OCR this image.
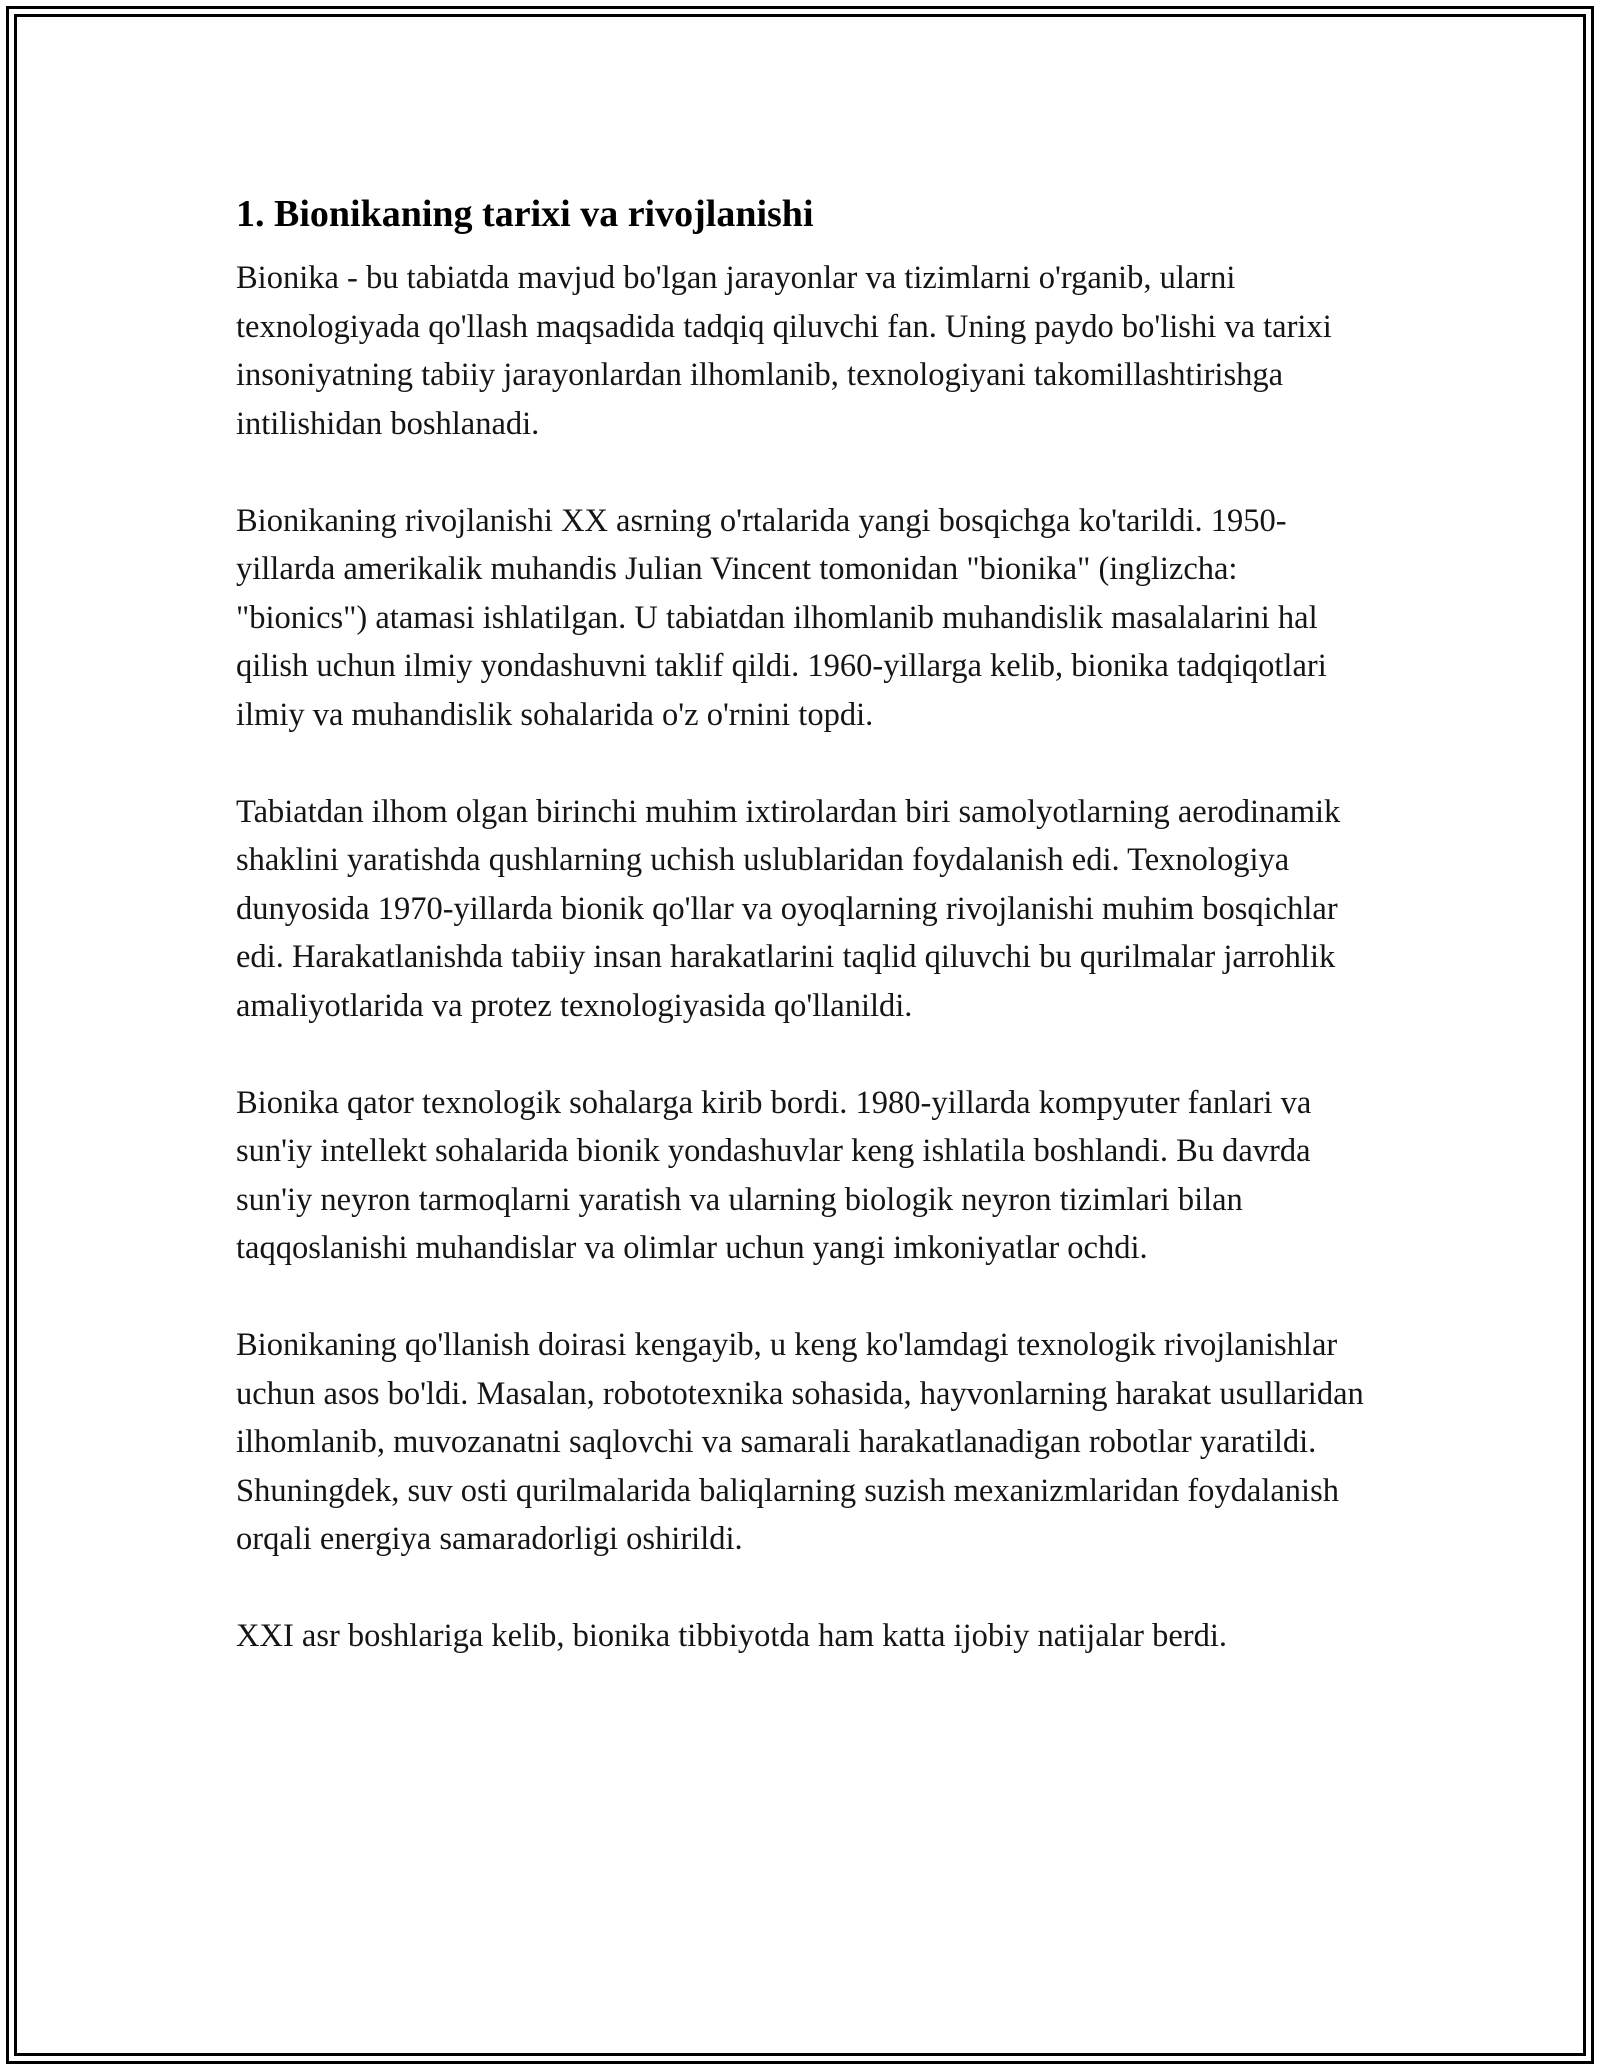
1. Bionikaning tarixi va rivojlanishi

Bionika - bu tabiatda mavjud bo'lgan jarayonlar va tizimlarni o'rganib, ularni texnologiyada qo'llash maqsadida tadqiq qiluvchi fan. Uning paydo bo'lishi va tarixi insoniyatning tabiiy jarayonlardan ilhomlanib, texnologiyani takomillashtirishga intilishidan boshlanadi.

Bionikaning rivojlanishi XX asrning o'rtalarida yangi bosqichga ko'tarildi. 1950-yillarda amerikalik muhandis Julian Vincent tomonidan "bionika" (inglizcha: "bionics") atamasi ishlatilgan. U tabiatdan ilhomlanib muhandislik masalalarini hal qilish uchun ilmiy yondashuvni taklif qildi. 1960-yillarga kelib, bionika tadqiqotlari ilmiy va muhandislik sohalarida o'z o'rnini topdi.

Tabiatdan ilhom olgan birinchi muhim ixtirolardan biri samolyotlarning aerodinamik shaklini yaratishda qushlarning uchish uslublaridan foydalanish edi. Texnologiya dunyosida 1970-yillarda bionik qo'llar va oyoqlarning rivojlanishi muhim bosqichlar edi. Harakatlanishda tabiiy insan harakatlarini taqlid qiluvchi bu qurilmalar jarrohlik amaliyotlarida va protez texnologiyasida qo'llanildi.

Bionika qator texnologik sohalarga kirib bordi. 1980-yillarda kompyuter fanlari va sun'iy intellekt sohalarida bionik yondashuvlar keng ishlatila boshlandi. Bu davrda sun'iy neyron tarmoqlarni yaratish va ularning biologik neyron tizimlari bilan taqqoslanishi muhandislar va olimlar uchun yangi imkoniyatlar ochdi.

Bionikaning qo'llanish doirasi kengayib, u keng ko'lamdagi texnologik rivojlanishlar uchun asos bo'ldi. Masalan, robototexnika sohasida, hayvonlarning harakat usullaridan ilhomlanib, muvozanatni saqlovchi va samarali harakatlanadigan robotlar yaratildi. Shuningdek, suv osti qurilmalarida baliqlarning suzish mexanizmlaridan foydalanish orqali energiya samaradorligi oshirildi.

XXI asr boshlariga kelib, bionika tibbiyotda ham katta ijobiy natijalar berdi.
